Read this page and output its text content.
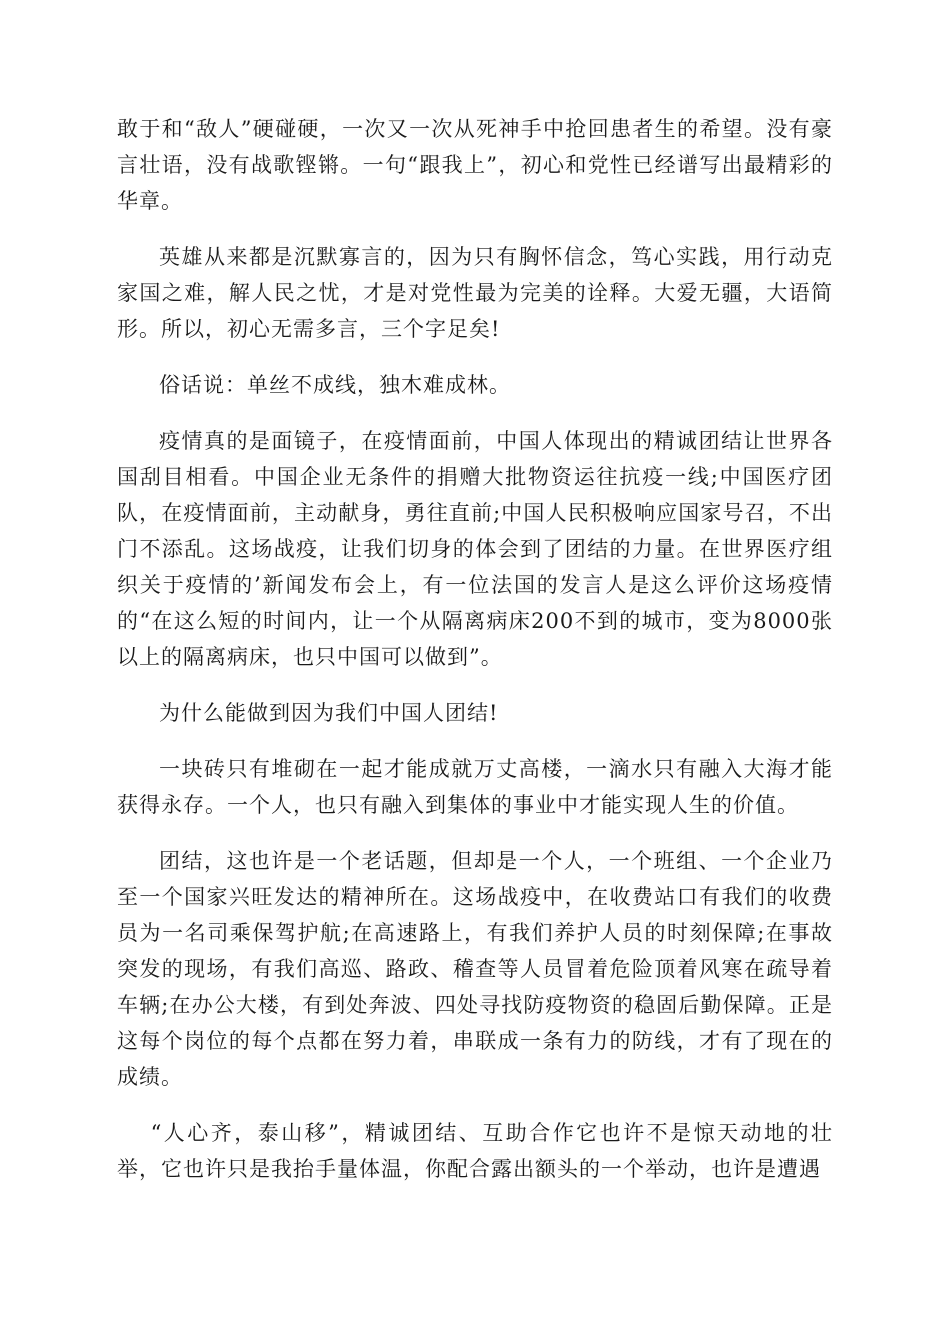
敢于和“敌人”硬碰硬，一次又一次从死神手中抢回患者生的希望。没有豪言壮语，没有战歌铿锵。一句“跟我上”，初心和党性已经谱写出最精彩的华章。

英雄从来都是沉默寡言的，因为只有胸怀信念，笃心实践，用行动克家国之难，解人民之忧，才是对党性最为完美的诠释。大爱无疆，大语简形。所以，初心无需多言，三个字足矣!

俗话说：单丝不成线，独木难成林。

疫情真的是面镜子，在疫情面前，中国人体现出的精诚团结让世界各国刮目相看。中国企业无条件的捐赠大批物资运往抗疫一线;中国医疗团队，在疫情面前，主动献身，勇往直前;中国人民积极响应国家号召，不出门不添乱。这场战疫，让我们切身的体会到了团结的力量。在世界医疗组织关于疫情的’新闻发布会上，有一位法国的发言人是这么评价这场疫情的“在这么短的时间内，让一个从隔离病床200不到的城市，变为8000张以上的隔离病床，也只中国可以做到”。

为什么能做到因为我们中国人团结!

一块砖只有堆砌在一起才能成就万丈高楼，一滴水只有融入大海才能获得永存。一个人，也只有融入到集体的事业中才能实现人生的价值。

团结，这也许是一个老话题，但却是一个人，一个班组、一个企业乃至一个国家兴旺发达的精神所在。这场战疫中，在收费站口有我们的收费员为一名司乘保驾护航;在高速路上，有我们养护人员的时刻保障;在事故突发的现场，有我们高巡、路政、稽查等人员冒着危险顶着风寒在疏导着车辆;在办公大楼，有到处奔波、四处寻找防疫物资的稳固后勤保障。正是这每个岗位的每个点都在努力着，串联成一条有力的防线，才有了现在的成绩。

“人心齐，泰山移”，精诚团结、互助合作它也许不是惊天动地的壮举，它也许只是我抬手量体温，你配合露出额头的一个举动，也许是遭遇
